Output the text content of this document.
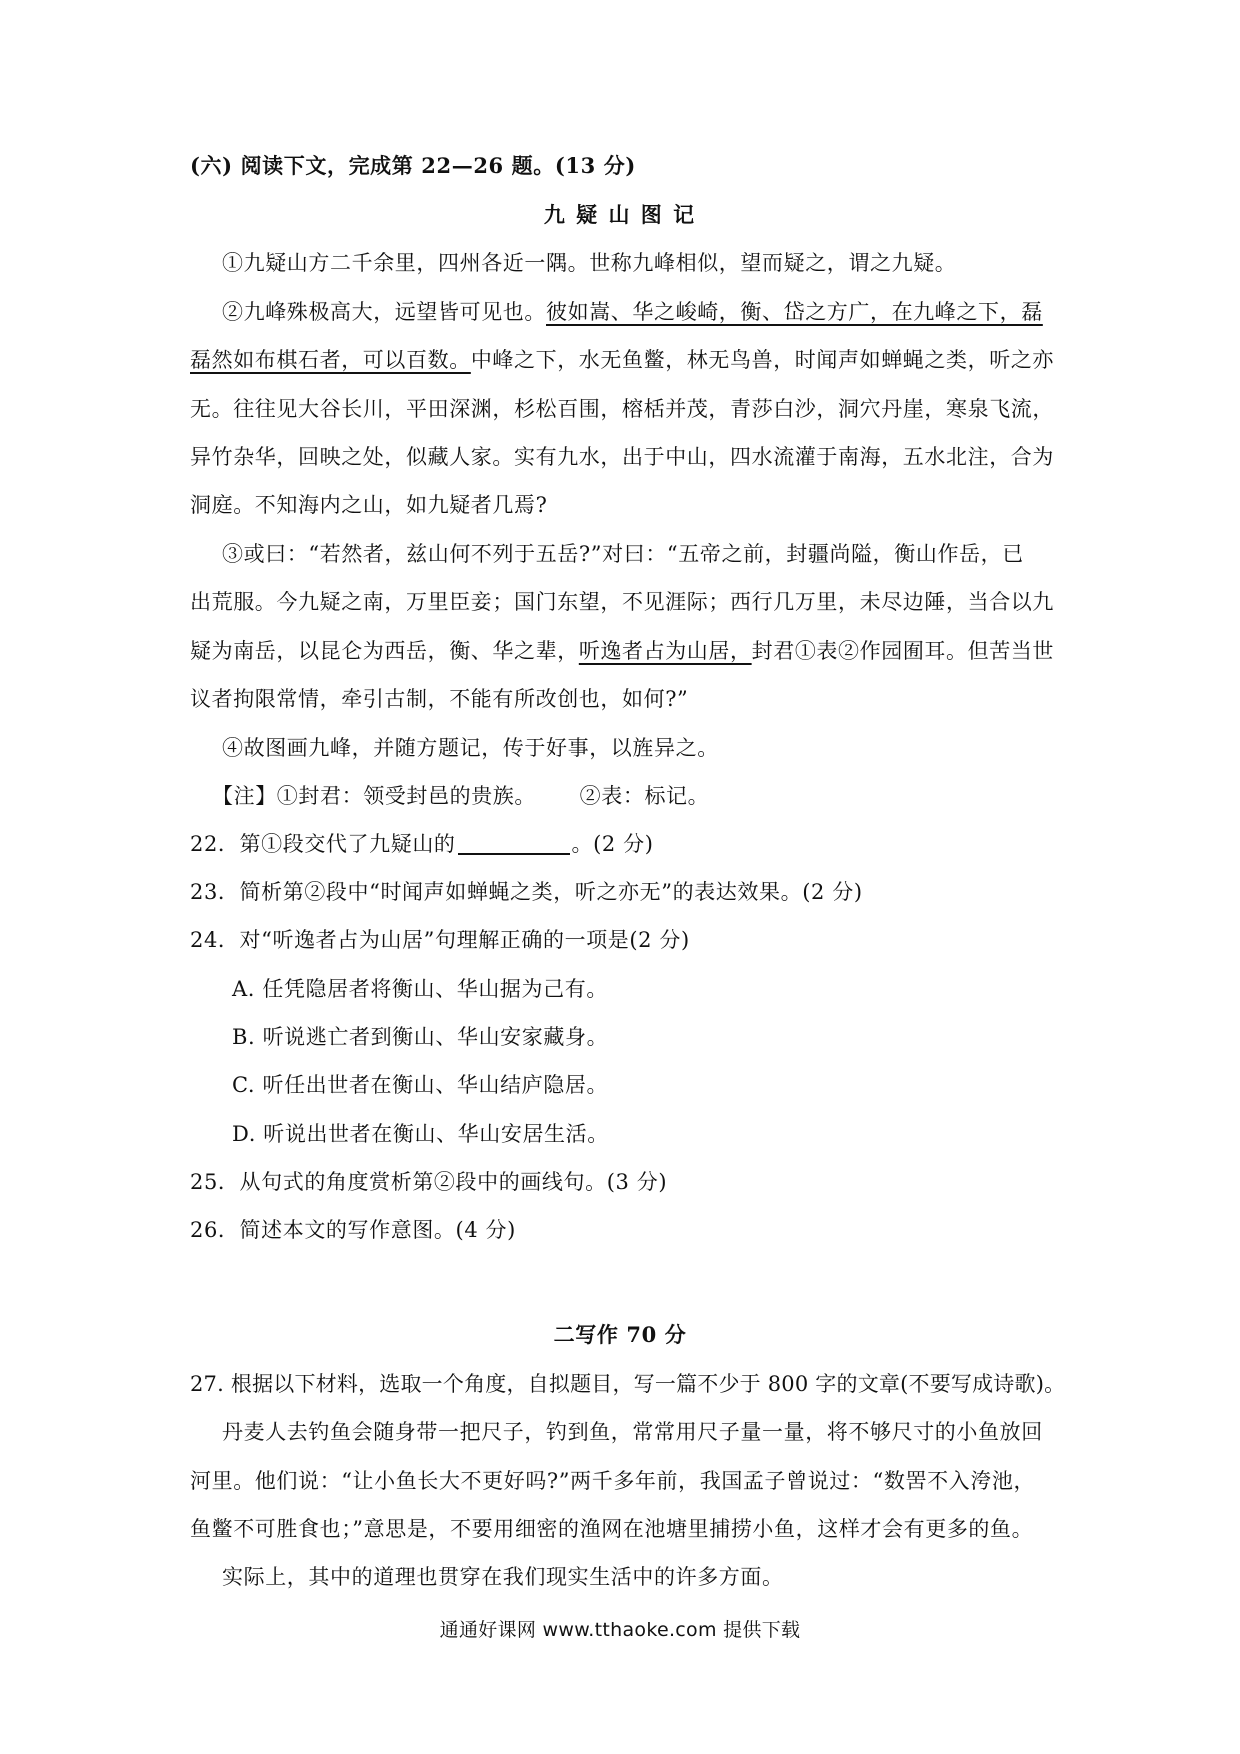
(六) 阅读下文，完成第 22—26 题。(13 分)
九 疑 山 图 记
①九疑山方二千余里，四州各近一隅。世称九峰相似，望而疑之，谓之九疑。
②九峰殊极高大，远望皆可见也。彼如嵩、华之峻崎，衡、岱之方广，在九峰之下，磊
磊然如布棋石者，可以百数。中峰之下，水无鱼鳖，林无鸟兽，时闻声如蝉蝇之类，听之亦
无。往往见大谷长川，平田深渊，杉松百围，榕栝并茂，青莎白沙，洞穴丹崖，寒泉飞流，
异竹杂华，回映之处，似藏人家。实有九水，出于中山，四水流灌于南海，五水北注，合为
洞庭。不知海内之山，如九疑者几焉?
③或曰：“若然者，兹山何不列于五岳?”对曰：“五帝之前，封疆尚隘，衡山作岳，已
出荒服。今九疑之南，万里臣妾；国门东望，不见涯际；西行几万里，未尽边陲，当合以九
疑为南岳，以昆仑为西岳，衡、华之辈，听逸者占为山居，封君①表②作园囿耳。但苦当世
议者拘限常情，牵引古制，不能有所改创也，如何?”
④故图画九峰，并随方题记，传于好事，以旌异之。
【注】①封君：领受封邑的贵族。      ②表：标记。
22．第①段交代了九疑山的	。(2 分)
23．简析第②段中“时闻声如蝉蝇之类，听之亦无”的表达效果。(2 分)
24．对“听逸者占为山居”句理解正确的一项是(2 分)
A. 任凭隐居者将衡山、华山据为己有。
B. 听说逃亡者到衡山、华山安家藏身。
C. 听任出世者在衡山、华山结庐隐居。
D. 听说出世者在衡山、华山安居生活。
25．从句式的角度赏析第②段中的画线句。(3 分)
26．简述本文的写作意图。(4 分)
二写作 70 分
27. 根据以下材料，选取一个角度，自拟题目，写一篇不少于 800 字的文章(不要写成诗歌)。
丹麦人去钓鱼会随身带一把尺子，钓到鱼，常常用尺子量一量，将不够尺寸的小鱼放回
河里。他们说：“让小鱼长大不更好吗?”两千多年前，我国孟子曾说过：“数罟不入洿池，
鱼鳖不可胜食也；”意思是，不要用细密的渔网在池塘里捕捞小鱼，这样才会有更多的鱼。
实际上，其中的道理也贯穿在我们现实生活中的许多方面。
通通好课网 www.tthaoke.com 提供下载
